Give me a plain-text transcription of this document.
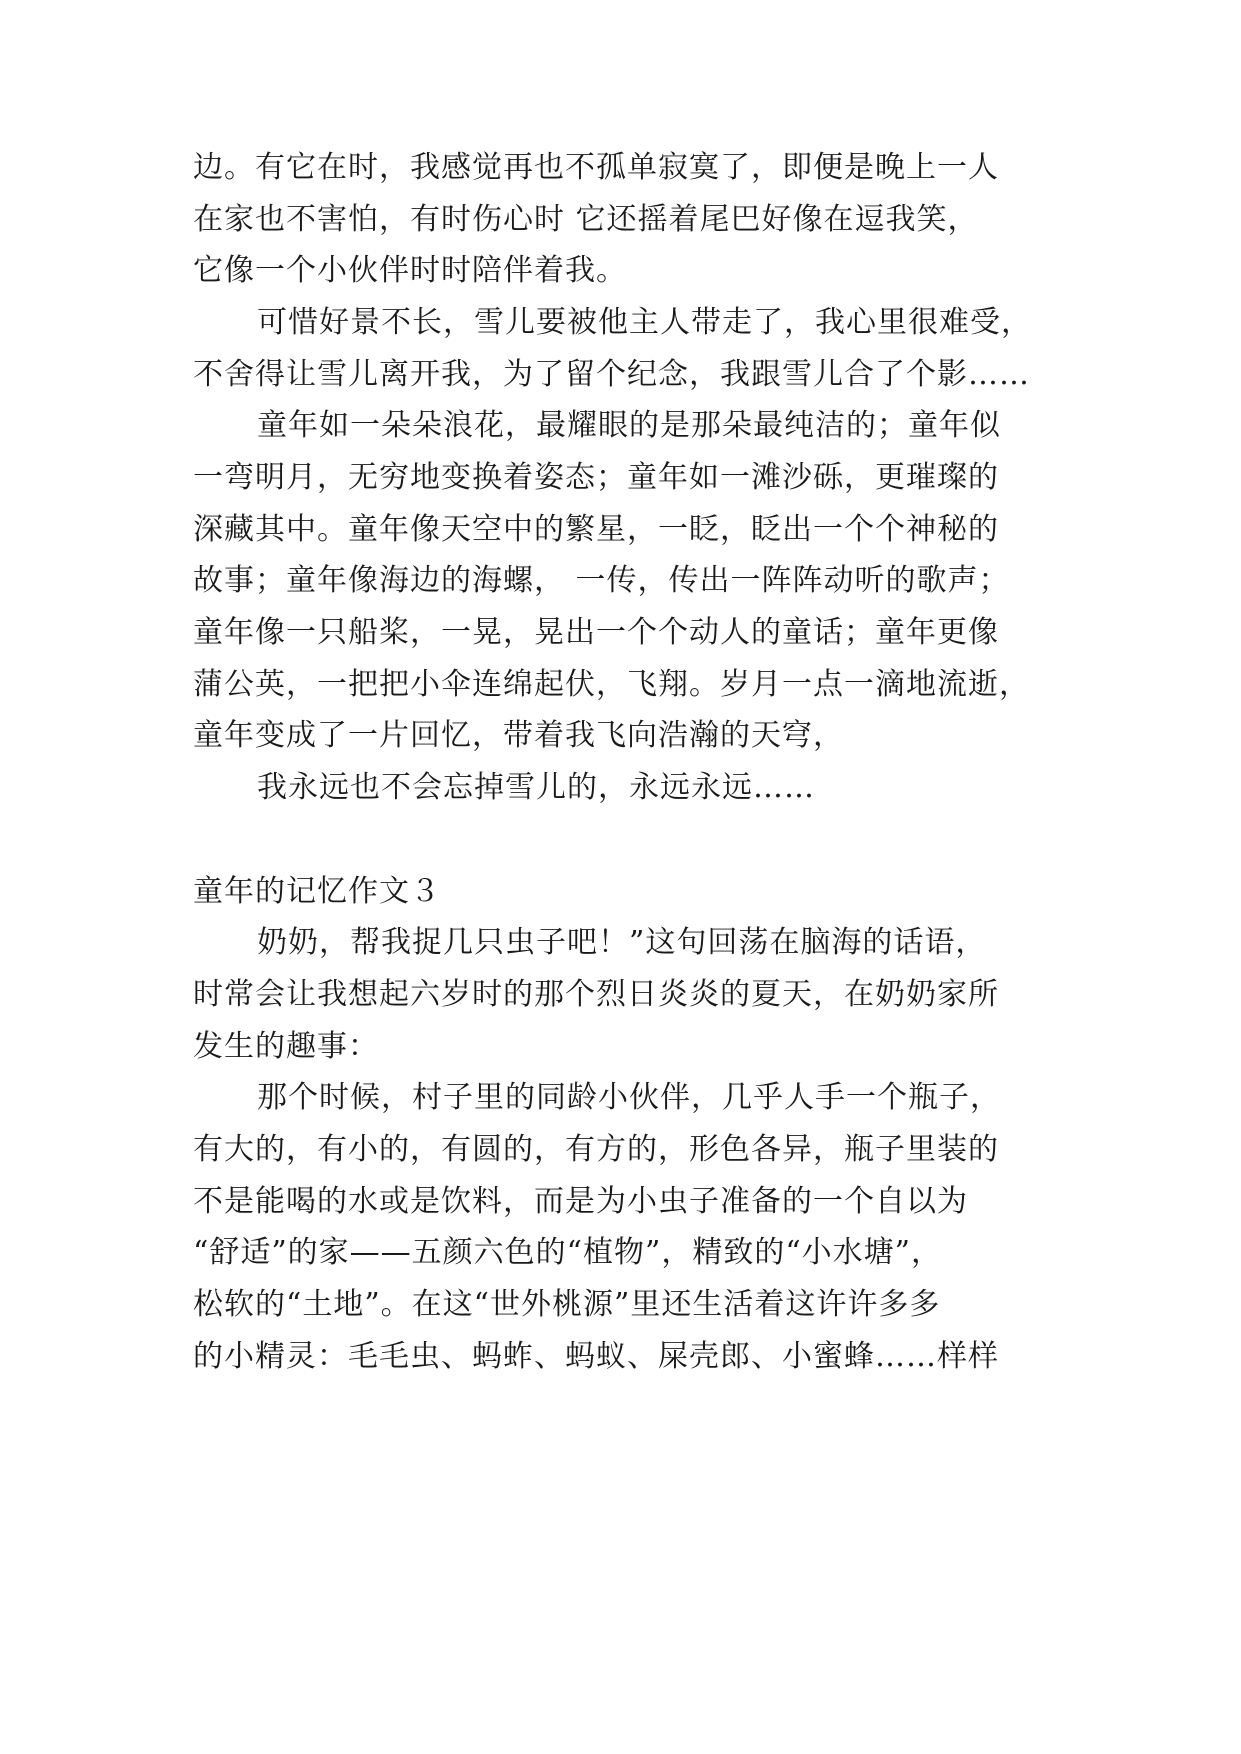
边。有它在时，我感觉再也不孤单寂寞了，即便是晚上一人
在家也不害怕，有时伤心时 它还摇着尾巴好像在逗我笑，
它像一个小伙伴时时陪伴着我。
可惜好景不长，雪儿要被他主人带走了，我心里很难受，
不舍得让雪儿离开我，为了留个纪念，我跟雪儿合了个影……
童年如一朵朵浪花，最耀眼的是那朵最纯洁的；童年似
一弯明月，无穷地变换着姿态；童年如一滩沙砾，更璀璨的
深藏其中。童年像天空中的繁星，一眨，眨出一个个神秘的
故事；童年像海边的海螺， 一传，传出一阵阵动听的歌声；
童年像一只船桨，一晃，晃出一个个动人的童话；童年更像
蒲公英，一把把小伞连绵起伏，飞翔。岁月一点一滴地流逝，
童年变成了一片回忆，带着我飞向浩瀚的天穹，
我永远也不会忘掉雪儿的，永远永远……
童年的记忆作文３
奶奶，帮我捉几只虫子吧！”这句回荡在脑海的话语，
时常会让我想起六岁时的那个烈日炎炎的夏天，在奶奶家所
发生的趣事：
那个时候，村子里的同龄小伙伴，几乎人手一个瓶子，
有大的，有小的，有圆的，有方的，形色各异，瓶子里装的
不是能喝的水或是饮料，而是为小虫子准备的一个自以为
“舒适”的家——五颜六色的“植物”，精致的“小水塘”，
松软的“土地”。在这“世外桃源”里还生活着这许许多多
的小精灵：毛毛虫、蚂蚱、蚂蚁、屎壳郎、小蜜蜂……样样
